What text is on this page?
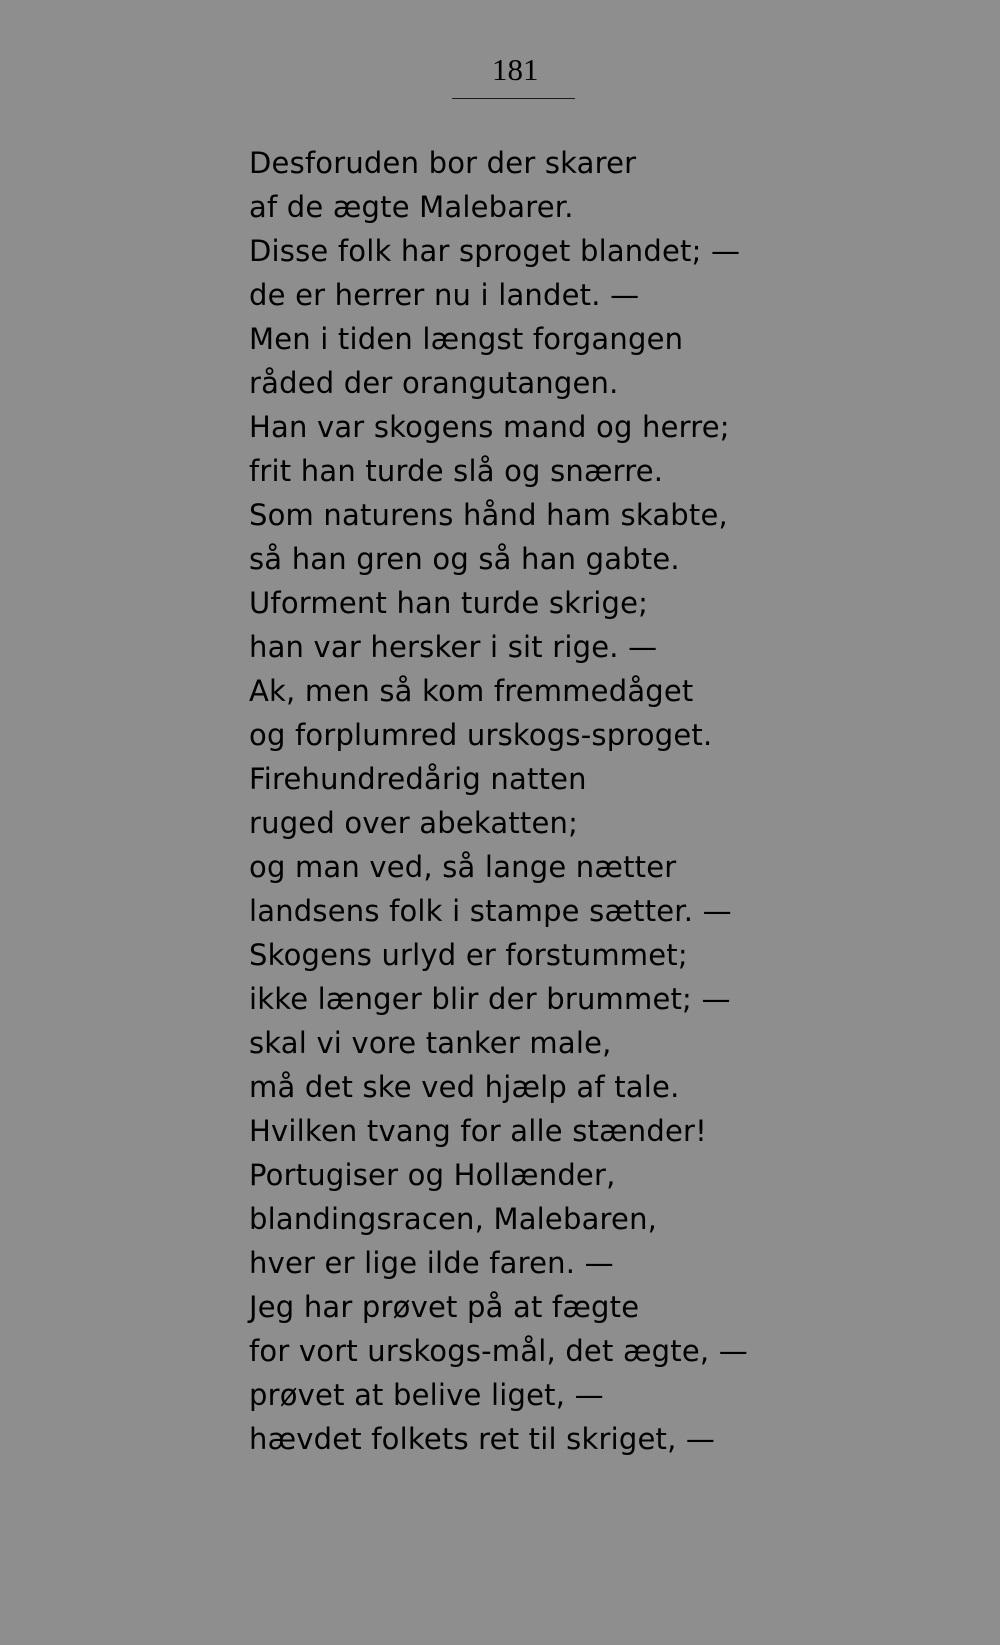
181
Desforuden bor der skarer
af de ægte Malebarer.
Disse folk har sproget blandet; —
de er herrer nu i landet. —
Men i tiden længst forgangen
råded der orangutangen.
Han var skogens mand og herre;
frit han turde slå og snærre.
Som naturens hånd ham skabte,
så han gren og så han gabte.
Uforment han turde skrige;
han var hersker i sit rige. —
Ak, men så kom fremmedåget
og forplumred urskogs-sproget.
Firehundredårig natten
ruged over abekatten;
og man ved, så lange nætter
landsens folk i stampe sætter. —
Skogens urlyd er forstummet;
ikke længer blir der brummet; —
skal vi vore tanker male,
må det ske ved hjælp af tale.
Hvilken tvang for alle stænder!
Portugiser og Hollænder,
blandingsracen, Malebaren,
hver er lige ilde faren. —
Jeg har prøvet på at fægte
for vort urskogs-mål, det ægte, —
prøvet at belive liget, —
hævdet folkets ret til skriget, —
